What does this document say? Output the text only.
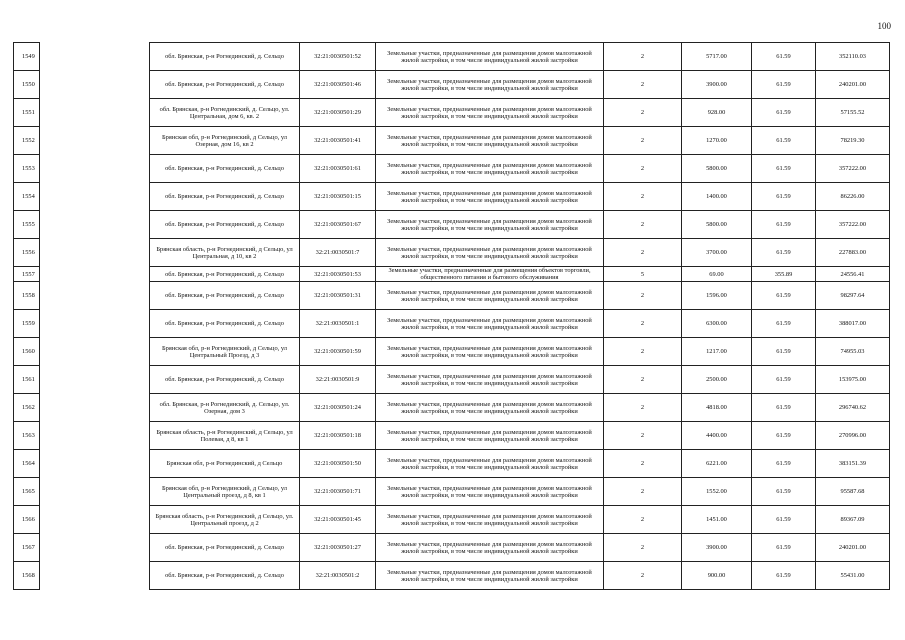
100
1549		обл. Брянская, р-н Рогнединский, д. Сельцо	32:21:0030501:52	Земельные участки, предназначенные для размещения домов малоэтажной жилой застройки, в том числе индивидуальной жилой застройки	2	5717.00	61.59	352110.03
1550		обл. Брянская, р-н Рогнединский, д. Сельцо	32:21:0030501:46	Земельные участки, предназначенные для размещения домов малоэтажной жилой застройки, в том числе индивидуальной жилой застройки	2	3900.00	61.59	240201.00
1551		обл. Брянская, р-н Рогнединский, д. Сельцо, ул. Центральная, дом 6, кв. 2	32:21:0030501:29	Земельные участки, предназначенные для размещения домов малоэтажной жилой застройки, в том числе индивидуальной жилой застройки	2	928.00	61.59	57155.52
1552		Брянская обл, р-н Рогнединский, д Сельцо, ул Озерная, дом 16, кв 2	32:21:0030501:41	Земельные участки, предназначенные для размещения домов малоэтажной жилой застройки, в том числе индивидуальной жилой застройки	2	1270.00	61.59	78219.30
1553		обл. Брянская, р-н Рогнединский, д. Сельцо	32:21:0030501:61	Земельные участки, предназначенные для размещения домов малоэтажной жилой застройки, в том числе индивидуальной жилой застройки	2	5800.00	61.59	357222.00
1554		обл. Брянская, р-н Рогнединский, д. Сельцо	32:21:0030501:15	Земельные участки, предназначенные для размещения домов малоэтажной жилой застройки, в том числе индивидуальной жилой застройки	2	1400.00	61.59	86226.00
1555		обл. Брянская, р-н Рогнединский, д. Сельцо	32:21:0030501:67	Земельные участки, предназначенные для размещения домов малоэтажной жилой застройки, в том числе индивидуальной жилой застройки	2	5800.00	61.59	357222.00
1556		Брянская область, р-н Рогнединский, д Сельцо, ул Центральная, д 10, кв 2	32:21:0030501:7	Земельные участки, предназначенные для размещения домов малоэтажной жилой застройки, в том числе индивидуальной жилой застройки	2	3700.00	61.59	227883.00
1557		обл. Брянская, р-н Рогнединский, д. Сельцо	32:21:0030501:53	Земельные участки, предназначенные для размещения объектов торговли, общественного питания и бытового обслуживания	5	69.00	355.89	24556.41
1558		обл. Брянская, р-н Рогнединский, д. Сельцо	32:21:0030501:31	Земельные участки, предназначенные для размещения домов малоэтажной жилой застройки, в том числе индивидуальной жилой застройки	2	1596.00	61.59	98297.64
1559		обл. Брянская, р-н Рогнединский, д. Сельцо	32:21:0030501:1	Земельные участки, предназначенные для размещения домов малоэтажной жилой застройки, в том числе индивидуальной жилой застройки	2	6300.00	61.59	388017.00
1560		Брянская обл, р-н Рогнединский, д Сельцо, ул Центральный Проезд, д 3	32:21:0030501:59	Земельные участки, предназначенные для размещения домов малоэтажной жилой застройки, в том числе индивидуальной жилой застройки	2	1217.00	61.59	74955.03
1561		обл. Брянская, р-н Рогнединский, д. Сельцо	32:21:0030501:9	Земельные участки, предназначенные для размещения домов малоэтажной жилой застройки, в том числе индивидуальной жилой застройки	2	2500.00	61.59	153975.00
1562		обл. Брянская, р-н Рогнединский, д. Сельцо, ул. Озерная, дом 3	32:21:0030501:24	Земельные участки, предназначенные для размещения домов малоэтажной жилой застройки, в том числе индивидуальной жилой застройки	2	4818.00	61.59	296740.62
1563		Брянская область, р-н Рогнединский, д Сельцо, ул Полевая, д 8, кв 1	32:21:0030501:18	Земельные участки, предназначенные для размещения домов малоэтажной жилой застройки, в том числе индивидуальной жилой застройки	2	4400.00	61.59	270996.00
1564		Брянская обл, р-н Рогнединский, д Сельцо	32:21:0030501:50	Земельные участки, предназначенные для размещения домов малоэтажной жилой застройки, в том числе индивидуальной жилой застройки	2	6221.00	61.59	383151.39
1565		Брянская обл, р-н Рогнединский, д Сельцо, ул Центральный проезд, д 8, кв 1	32:21:0030501:71	Земельные участки, предназначенные для размещения домов малоэтажной жилой застройки, в том числе индивидуальной жилой застройки	2	1552.00	61.59	95587.68
1566		Брянская область, р-н Рогнединский, д Сельцо, ул. Центральный проезд, д 2	32:21:0030501:45	Земельные участки, предназначенные для размещения домов малоэтажной жилой застройки, в том числе индивидуальной жилой застройки	2	1451.00	61.59	89367.09
1567		обл. Брянская, р-н Рогнединский, д. Сельцо	32:21:0030501:27	Земельные участки, предназначенные для размещения домов малоэтажной жилой застройки, в том числе индивидуальной жилой застройки	2	3900.00	61.59	240201.00
1568		обл. Брянская, р-н Рогнединский, д. Сельцо	32:21:0030501:2	Земельные участки, предназначенные для размещения домов малоэтажной жилой застройки, в том числе индивидуальной жилой застройки	2	900.00	61.59	55431.00
